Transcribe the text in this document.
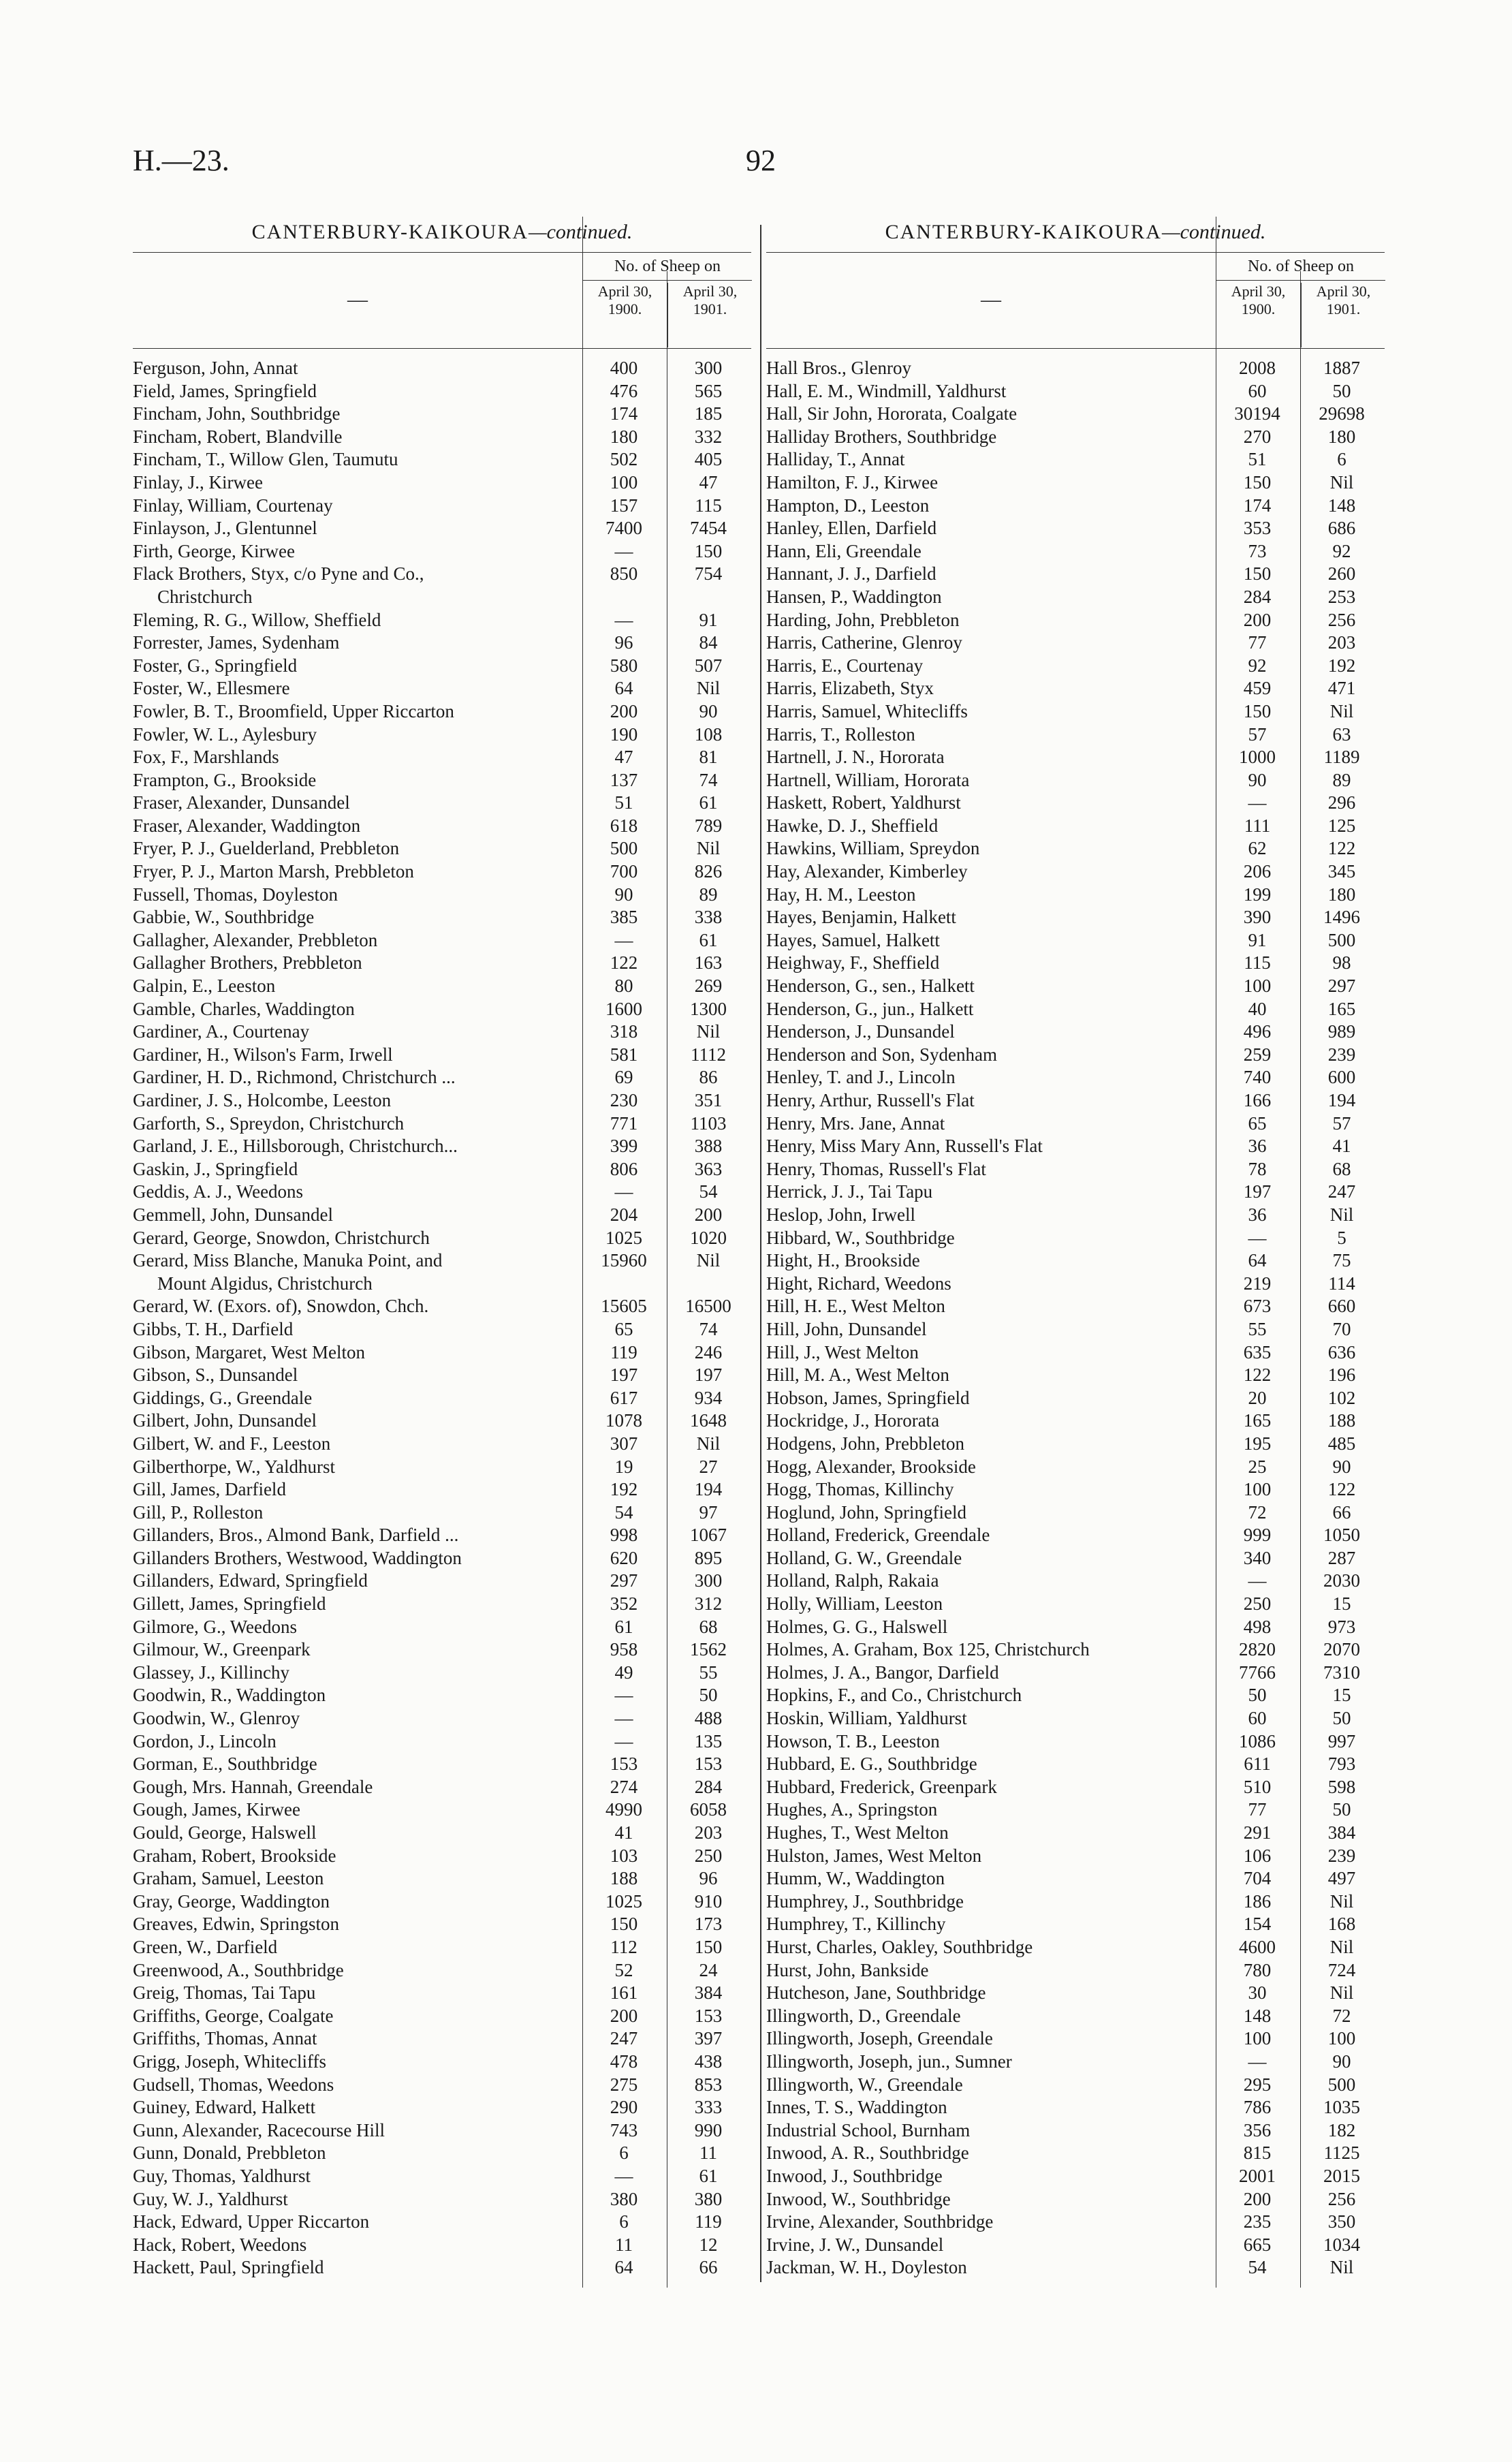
H.—23.	92
CANTERBURY-KAIKOURA—continued.
—
No. of Sheep on
April 30, 1900.
April 30, 1901.
Ferguson, John, Annat	400	300
Field, James, Springfield	476	565
Fincham, John, Southbridge	174	185
Fincham, Robert, Blandville	180	332
Fincham, T., Willow Glen, Taumutu	502	405
Finlay, J., Kirwee	100	47
Finlay, William, Courtenay	157	115
Finlayson, J., Glentunnel	7400	7454
Firth, George, Kirwee	—	150
Flack Brothers, Styx, c/o Pyne and Co.,
Christchurch
850	754
Fleming, R. G., Willow, Sheffield	—	91
Forrester, James, Sydenham	96	84
Foster, G., Springfield	580	507
Foster, W., Ellesmere	64	Nil
Fowler, B. T., Broomfield, Upper Riccarton	200	90
Fowler, W. L., Aylesbury	190	108
Fox, F., Marshlands	47	81
Frampton, G., Brookside	137	74
Fraser, Alexander, Dunsandel	51	61
Fraser, Alexander, Waddington	618	789
Fryer, P. J., Guelderland, Prebbleton	500	Nil
Fryer, P. J., Marton Marsh, Prebbleton	700	826
Fussell, Thomas, Doyleston	90	89
Gabbie, W., Southbridge	385	338
Gallagher, Alexander, Prebbleton	—	61
Gallagher Brothers, Prebbleton	122	163
Galpin, E., Leeston	80	269
Gamble, Charles, Waddington	1600	1300
Gardiner, A., Courtenay	318	Nil
Gardiner, H., Wilson's Farm, Irwell	581	1112
Gardiner, H. D., Richmond, Christchurch ...	69	86
Gardiner, J. S., Holcombe, Leeston	230	351
Garforth, S., Spreydon, Christchurch	771	1103
Garland, J. E., Hillsborough, Christchurch...	399	388
Gaskin, J., Springfield	806	363
Geddis, A. J., Weedons	—	54
Gemmell, John, Dunsandel	204	200
Gerard, George, Snowdon, Christchurch	1025	1020
Gerard, Miss Blanche, Manuka Point, and
Mount Algidus, Christchurch
15960	Nil
Gerard, W. (Exors. of), Snowdon, Chch.	15605	16500
Gibbs, T. H., Darfield	65	74
Gibson, Margaret, West Melton	119	246
Gibson, S., Dunsandel	197	197
Giddings, G., Greendale	617	934
Gilbert, John, Dunsandel	1078	1648
Gilbert, W. and F., Leeston	307	Nil
Gilberthorpe, W., Yaldhurst	19	27
Gill, James, Darfield	192	194
Gill, P., Rolleston	54	97
Gillanders, Bros., Almond Bank, Darfield ...	998	1067
Gillanders Brothers, Westwood, Waddington	620	895
Gillanders, Edward, Springfield	297	300
Gillett, James, Springfield	352	312
Gilmore, G., Weedons	61	68
Gilmour, W., Greenpark	958	1562
Glassey, J., Killinchy	49	55
Goodwin, R., Waddington	—	50
Goodwin, W., Glenroy	—	488
Gordon, J., Lincoln	—	135
Gorman, E., Southbridge	153	153
Gough, Mrs. Hannah, Greendale	274	284
Gough, James, Kirwee	4990	6058
Gould, George, Halswell	41	203
Graham, Robert, Brookside	103	250
Graham, Samuel, Leeston	188	96
Gray, George, Waddington	1025	910
Greaves, Edwin, Springston	150	173
Green, W., Darfield	112	150
Greenwood, A., Southbridge	52	24
Greig, Thomas, Tai Tapu	161	384
Griffiths, George, Coalgate	200	153
Griffiths, Thomas, Annat	247	397
Grigg, Joseph, Whitecliffs	478	438
Gudsell, Thomas, Weedons	275	853
Guiney, Edward, Halkett	290	333
Gunn, Alexander, Racecourse Hill	743	990
Gunn, Donald, Prebbleton	6	11
Guy, Thomas, Yaldhurst	—	61
Guy, W. J., Yaldhurst	380	380
Hack, Edward, Upper Riccarton	6	119
Hack, Robert, Weedons	11	12
Hackett, Paul, Springfield	64	66
CANTERBURY-KAIKOURA—continued.
—
No. of Sheep on
April 30, 1900.
April 30, 1901.
Hall Bros., Glenroy	2008	1887
Hall, E. M., Windmill, Yaldhurst	60	50
Hall, Sir John, Hororata, Coalgate	30194	29698
Halliday Brothers, Southbridge	270	180
Halliday, T., Annat	51	6
Hamilton, F. J., Kirwee	150	Nil
Hampton, D., Leeston	174	148
Hanley, Ellen, Darfield	353	686
Hann, Eli, Greendale	73	92
Hannant, J. J., Darfield	150	260
Hansen, P., Waddington	284	253
Harding, John, Prebbleton	200	256
Harris, Catherine, Glenroy	77	203
Harris, E., Courtenay	92	192
Harris, Elizabeth, Styx	459	471
Harris, Samuel, Whitecliffs	150	Nil
Harris, T., Rolleston	57	63
Hartnell, J. N., Hororata	1000	1189
Hartnell, William, Hororata	90	89
Haskett, Robert, Yaldhurst	—	296
Hawke, D. J., Sheffield	111	125
Hawkins, William, Spreydon	62	122
Hay, Alexander, Kimberley	206	345
Hay, H. M., Leeston	199	180
Hayes, Benjamin, Halkett	390	1496
Hayes, Samuel, Halkett	91	500
Heighway, F., Sheffield	115	98
Henderson, G., sen., Halkett	100	297
Henderson, G., jun., Halkett	40	165
Henderson, J., Dunsandel	496	989
Henderson and Son, Sydenham	259	239
Henley, T. and J., Lincoln	740	600
Henry, Arthur, Russell's Flat	166	194
Henry, Mrs. Jane, Annat	65	57
Henry, Miss Mary Ann, Russell's Flat	36	41
Henry, Thomas, Russell's Flat	78	68
Herrick, J. J., Tai Tapu	197	247
Heslop, John, Irwell	36	Nil
Hibbard, W., Southbridge	—	5
Hight, H., Brookside	64	75
Hight, Richard, Weedons	219	114
Hill, H. E., West Melton	673	660
Hill, John, Dunsandel	55	70
Hill, J., West Melton	635	636
Hill, M. A., West Melton	122	196
Hobson, James, Springfield	20	102
Hockridge, J., Hororata	165	188
Hodgens, John, Prebbleton	195	485
Hogg, Alexander, Brookside	25	90
Hogg, Thomas, Killinchy	100	122
Hoglund, John, Springfield	72	66
Holland, Frederick, Greendale	999	1050
Holland, G. W., Greendale	340	287
Holland, Ralph, Rakaia	—	2030
Holly, William, Leeston	250	15
Holmes, G. G., Halswell	498	973
Holmes, A. Graham, Box 125, Christchurch	2820	2070
Holmes, J. A., Bangor, Darfield	7766	7310
Hopkins, F., and Co., Christchurch	50	15
Hoskin, William, Yaldhurst	60	50
Howson, T. B., Leeston	1086	997
Hubbard, E. G., Southbridge	611	793
Hubbard, Frederick, Greenpark	510	598
Hughes, A., Springston	77	50
Hughes, T., West Melton	291	384
Hulston, James, West Melton	106	239
Humm, W., Waddington	704	497
Humphrey, J., Southbridge	186	Nil
Humphrey, T., Killinchy	154	168
Hurst, Charles, Oakley, Southbridge	4600	Nil
Hurst, John, Bankside	780	724
Hutcheson, Jane, Southbridge	30	Nil
Illingworth, D., Greendale	148	72
Illingworth, Joseph, Greendale	100	100
Illingworth, Joseph, jun., Sumner	—	90
Illingworth, W., Greendale	295	500
Innes, T. S., Waddington	786	1035
Industrial School, Burnham	356	182
Inwood, A. R., Southbridge	815	1125
Inwood, J., Southbridge	2001	2015
Inwood, W., Southbridge	200	256
Irvine, Alexander, Southbridge	235	350
Irvine, J. W., Dunsandel	665	1034
Jackman, W. H., Doyleston	54	Nil
